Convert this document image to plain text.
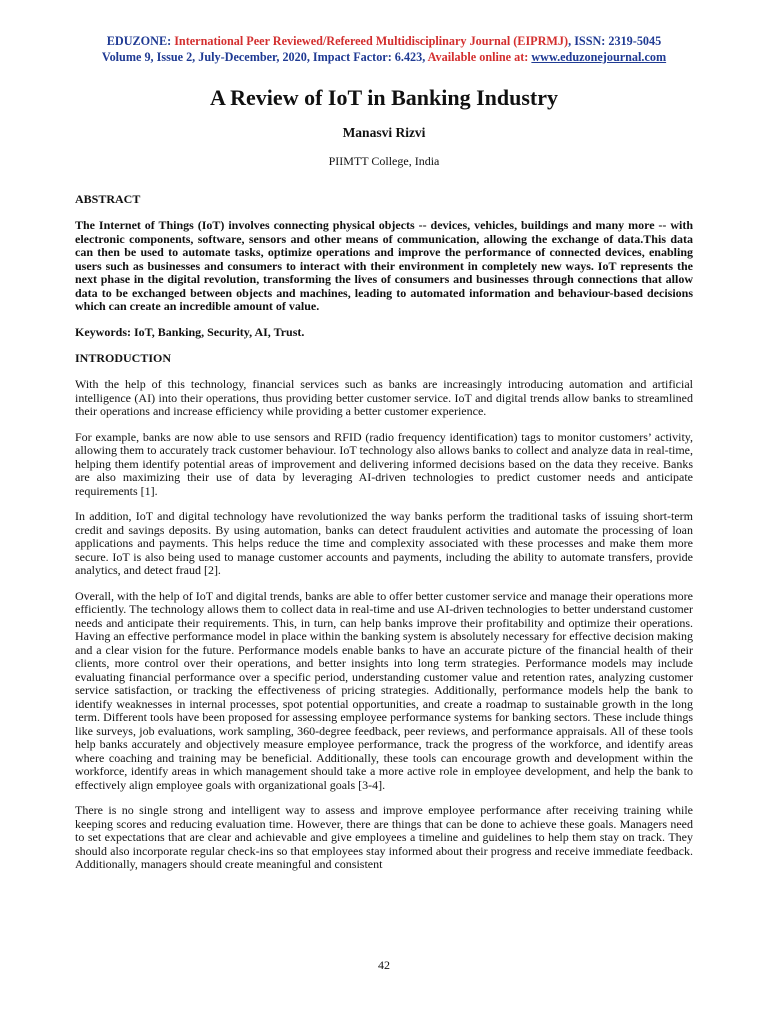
EDUZONE: International Peer Reviewed/Refereed Multidisciplinary Journal (EIPRMJ), ISSN: 2319-5045
Volume 9, Issue 2, July-December, 2020, Impact Factor: 6.423, Available online at: www.eduzonejournal.com
A Review of IoT in Banking Industry
Manasvi Rizvi
PIIMTT College, India
ABSTRACT

The Internet of Things (IoT) involves connecting physical objects -- devices, vehicles, buildings and many more -- with electronic components, software, sensors and other means of communication, allowing the exchange of data.This data can then be used to automate tasks, optimize operations and improve the performance of connected devices, enabling users such as businesses and consumers to interact with their environment in completely new ways. IoT represents the next phase in the digital revolution, transforming the lives of consumers and businesses through connections that allow data to be exchanged between objects and machines, leading to automated information and behaviour-based decisions which can create an incredible amount of value.

Keywords: IoT, Banking, Security, AI, Trust.

INTRODUCTION

With the help of this technology, financial services such as banks are increasingly introducing automation and artificial intelligence (AI) into their operations, thus providing better customer service. IoT and digital trends allow banks to streamlined their operations and increase efficiency while providing a better customer experience.

For example, banks are now able to use sensors and RFID (radio frequency identification) tags to monitor customers’ activity, allowing them to accurately track customer behaviour. IoT technology also allows banks to collect and analyze data in real-time, helping them identify potential areas of improvement and delivering informed decisions based on the data they receive. Banks are also maximizing their use of data by leveraging AI-driven technologies to predict customer needs and anticipate requirements [1].

In addition, IoT and digital technology have revolutionized the way banks perform the traditional tasks of issuing short-term credit and savings deposits. By using automation, banks can detect fraudulent activities and automate the processing of loan applications and payments. This helps reduce the time and complexity associated with these processes and make them more secure. IoT is also being used to manage customer accounts and payments, including the ability to automate transfers, provide analytics, and detect fraud [2].

Overall, with the help of IoT and digital trends, banks are able to offer better customer service and manage their operations more efficiently. The technology allows them to collect data in real-time and use AI-driven technologies to better understand customer needs and anticipate their requirements. This, in turn, can help banks improve their profitability and optimize their operations. Having an effective performance model in place within the banking system is absolutely necessary for effective decision making and a clear vision for the future. Performance models enable banks to have an accurate picture of the financial health of their clients, more control over their operations, and better insights into long term strategies. Performance models may include evaluating financial performance over a specific period, understanding customer value and retention rates, analyzing customer service satisfaction, or tracking the effectiveness of pricing strategies. Additionally, performance models help the bank to identify weaknesses in internal processes, spot potential opportunities, and create a roadmap to sustainable growth in the long term. Different tools have been proposed for assessing employee performance systems for banking sectors. These include things like surveys, job evaluations, work sampling, 360-degree feedback, peer reviews, and performance appraisals. All of these tools help banks accurately and objectively measure employee performance, track the progress of the workforce, and identify areas where coaching and training may be beneficial. Additionally, these tools can encourage growth and development within the workforce, identify areas in which management should take a more active role in employee development, and help the bank to effectively align employee goals with organizational goals [3-4].

There is no single strong and intelligent way to assess and improve employee performance after receiving training while keeping scores and reducing evaluation time. However, there are things that can be done to achieve these goals. Managers need to set expectations that are clear and achievable and give employees a timeline and guidelines to help them stay on track. They should also incorporate regular check-ins so that employees stay informed about their progress and receive immediate feedback. Additionally, managers should create meaningful and consistent

42
